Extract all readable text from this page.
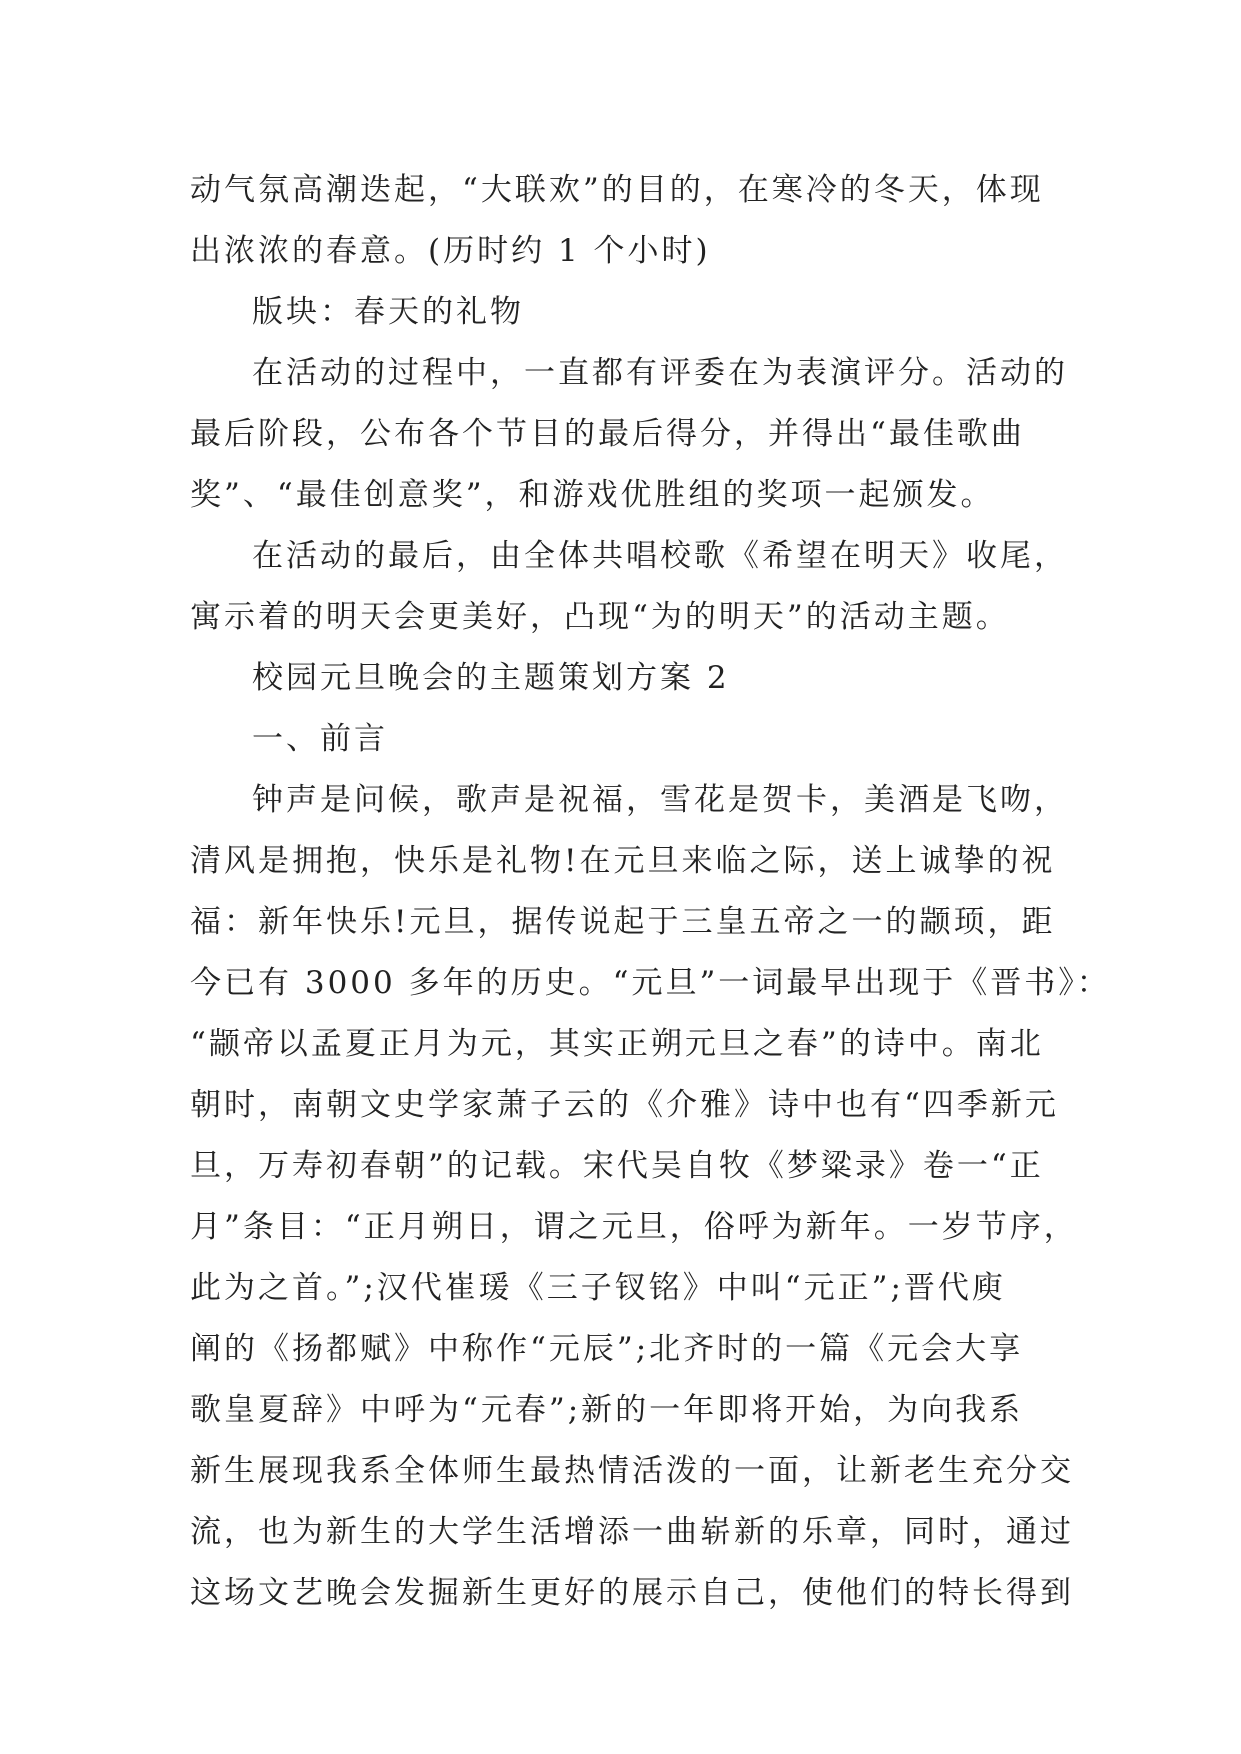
动气氛高潮迭起，“大联欢”的目的，在寒冷的冬天，体现
出浓浓的春意。(历时约 1 个小时)
版块：春天的礼物
在活动的过程中，一直都有评委在为表演评分。活动的
最后阶段，公布各个节目的最后得分，并得出“最佳歌曲
奖”、“最佳创意奖”，和游戏优胜组的奖项一起颁发。
在活动的最后，由全体共唱校歌《希望在明天》收尾，
寓示着的明天会更美好，凸现“为的明天”的活动主题。
校园元旦晚会的主题策划方案 2
一、前言
钟声是问候，歌声是祝福，雪花是贺卡，美酒是飞吻，
清风是拥抱，快乐是礼物!在元旦来临之际，送上诚挚的祝
福：新年快乐!元旦，据传说起于三皇五帝之一的颛顼，距
今已有 3000 多年的历史。“元旦”一词最早出现于《晋书》：
“颛帝以孟夏正月为元，其实正朔元旦之春”的诗中。南北
朝时，南朝文史学家萧子云的《介雅》诗中也有“四季新元
旦，万寿初春朝”的记载。宋代吴自牧《梦粱录》卷一“正
月”条目：“正月朔日，谓之元旦，俗呼为新年。一岁节序，
此为之首。”;汉代崔瑗《三子钗铭》中叫“元正”;晋代庾
阐的《扬都赋》中称作“元辰”;北齐时的一篇《元会大享
歌皇夏辞》中呼为“元春”;新的一年即将开始，为向我系
新生展现我系全体师生最热情活泼的一面，让新老生充分交
流，也为新生的大学生活增添一曲崭新的乐章，同时，通过
这场文艺晚会发掘新生更好的展示自己，使他们的特长得到
